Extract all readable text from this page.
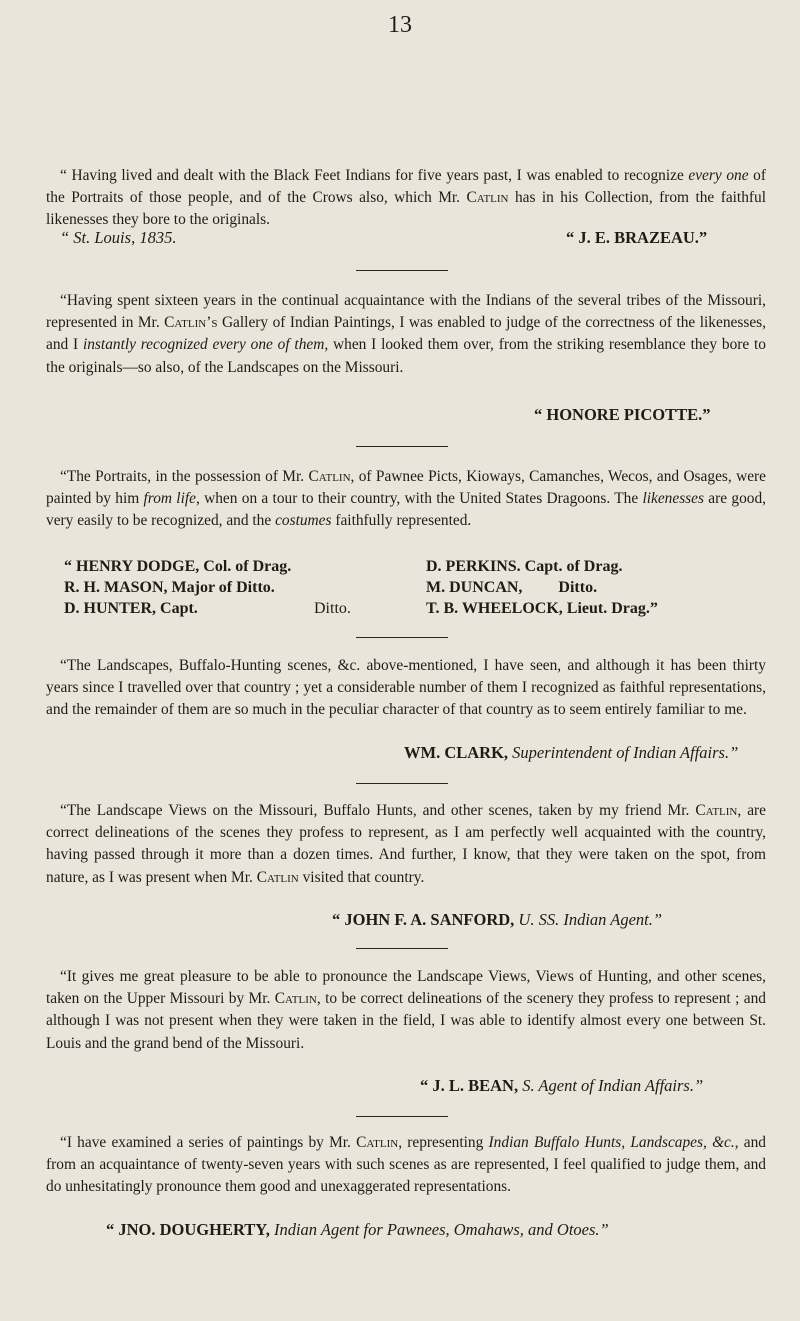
13

“ Having lived and dealt with the Black Feet Indians for five years past, I was enabled to recognize every one of the Portraits of those people, and of the Crows also, which Mr. Catlin has in his Collection, from the faithful likenesses they bore to the originals.

“ St. Louis, 1835.	“ J. E. BRAZEAU.”

“Having spent sixteen years in the continual acquaintance with the Indians of the several tribes of the Missouri, represented in Mr. Catlin’s Gallery of Indian Paintings, I was enabled to judge of the correctness of the likenesses, and I instantly recognized every one of them, when I looked them over, from the striking resemblance they bore to the originals—so also, of the Landscapes on the Missouri.

“ HONORE PICOTTE.”

“The Portraits, in the possession of Mr. Catlin, of Pawnee Picts, Kioways, Camanches, Wecos, and Osages, were painted by him from life, when on a tour to their country, with the United States Dragoons. The likenesses are good, very easily to be recognized, and the costumes faithfully represented.

“ HENRY DODGE, Col. of Drag.	D. PERKINS. Capt. of Drag.
R. H. MASON, Major of Ditto.	M. DUNCAN,         Ditto.
D. HUNTER, Capt.	Ditto.	T. B. WHEELOCK, Lieut. Drag.”

“The Landscapes, Buffalo-Hunting scenes, &c. above-mentioned, I have seen, and although it has been thirty years since I travelled over that country ; yet a considerable number of them I recognized as faithful representations, and the remainder of them are so much in the peculiar character of that country as to seem entirely familiar to me.

WM. CLARK, Superintendent of Indian Affairs.”

“The Landscape Views on the Missouri, Buffalo Hunts, and other scenes, taken by my friend Mr. Catlin, are correct delineations of the scenes they profess to represent, as I am perfectly well acquainted with the country, having passed through it more than a dozen times. And further, I know, that they were taken on the spot, from nature, as I was present when Mr. Catlin visited that country.

“ JOHN F. A. SANFORD, U. SS. Indian Agent.”

“It gives me great pleasure to be able to pronounce the Landscape Views, Views of Hunting, and other scenes, taken on the Upper Missouri by Mr. Catlin, to be correct delineations of the scenery they profess to represent ; and although I was not present when they were taken in the field, I was able to identify almost every one between St. Louis and the grand bend of the Missouri.

“ J. L. BEAN, S. Agent of Indian Affairs.”

“I have examined a series of paintings by Mr. Catlin, representing Indian Buffalo Hunts, Landscapes, &c., and from an acquaintance of twenty-seven years with such scenes as are represented, I feel qualified to judge them, and do unhesitatingly pronounce them good and unexaggerated representations.

“ JNO. DOUGHERTY, Indian Agent for Pawnees, Omahaws, and Otoes.”
